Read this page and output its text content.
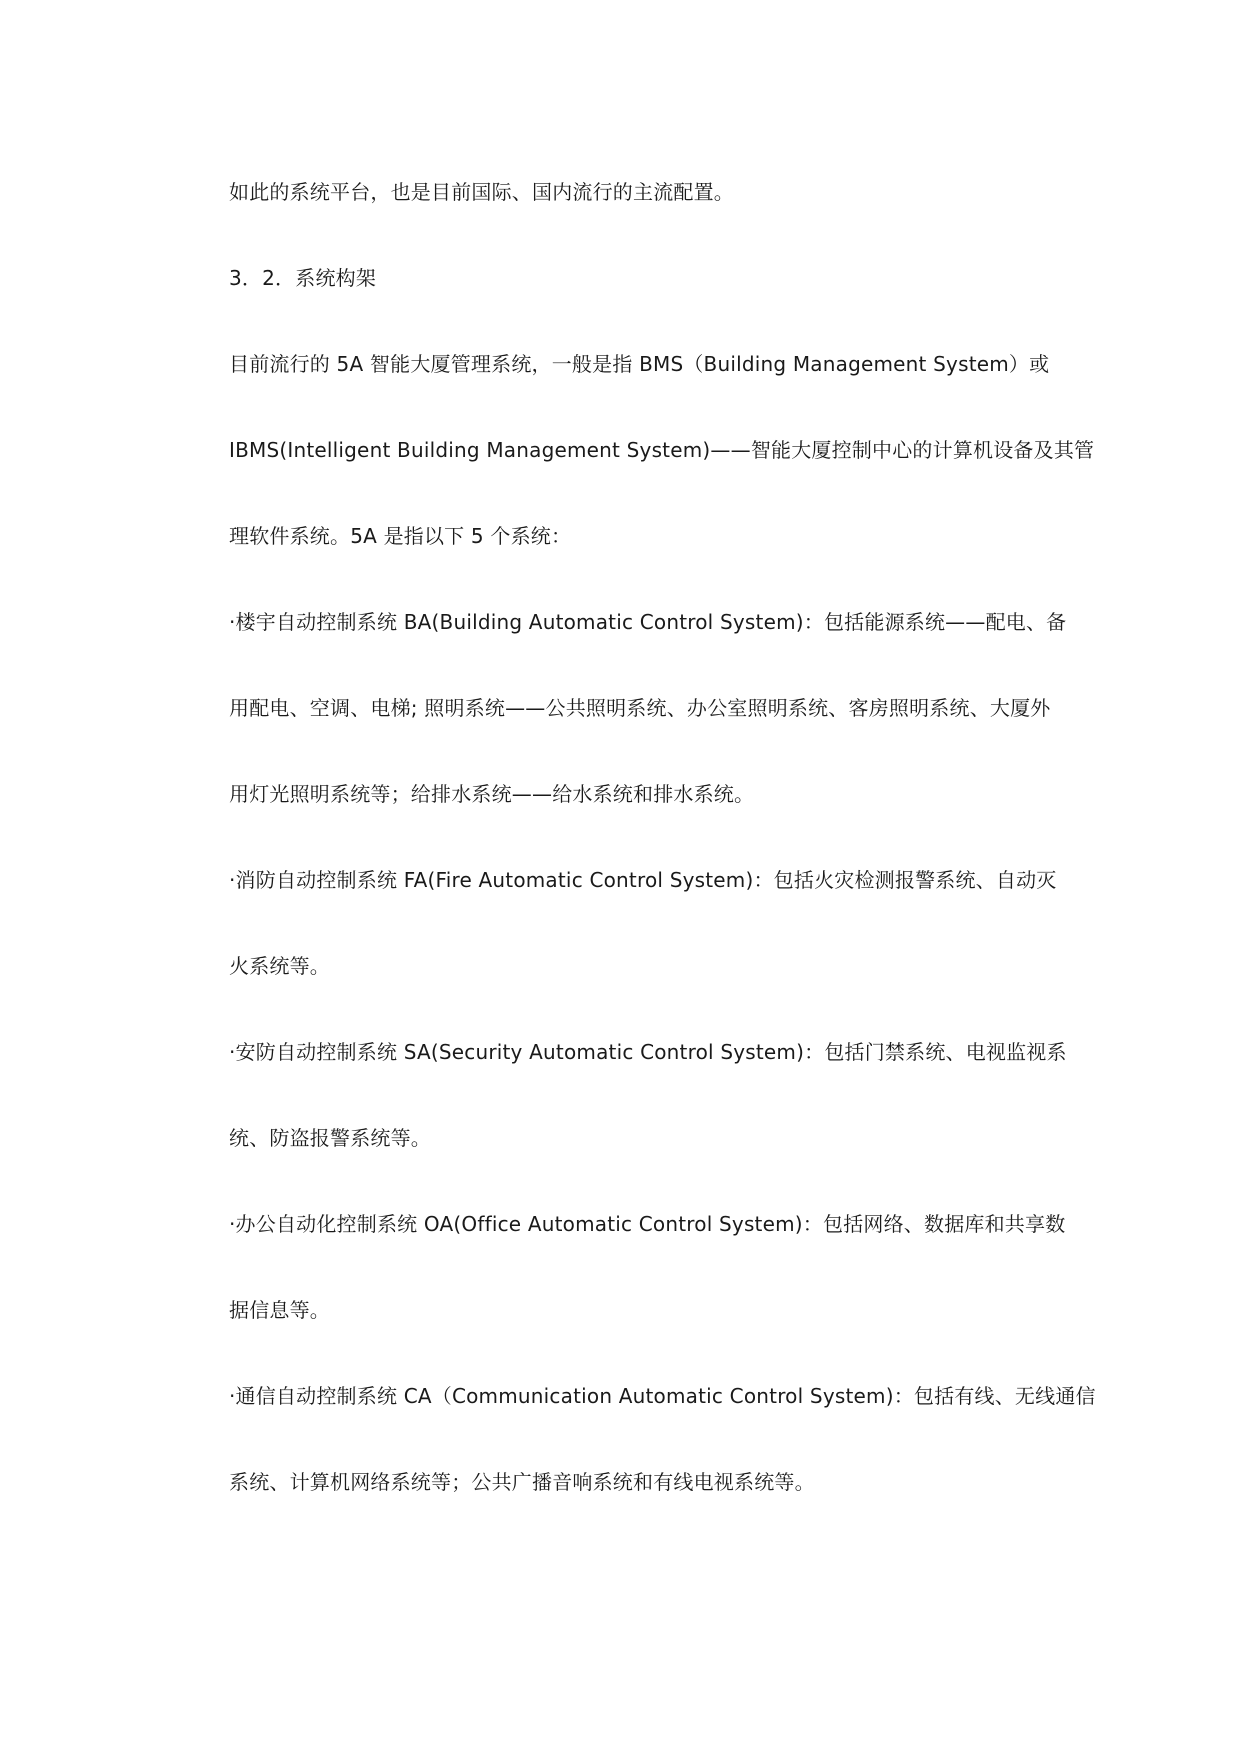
如此的系统平台，也是目前国际、国内流行的主流配置。
3．2．系统构架
目前流行的 5A 智能大厦管理系统，一般是指 BMS（Building Management System）或
IBMS(Intelligent Building Management System)——智能大厦控制中心的计算机设备及其管
理软件系统。5A 是指以下 5 个系统：
·楼宇自动控制系统 BA(Building Automatic Control System)：包括能源系统——配电、备
用配电、空调、电梯; 照明系统——公共照明系统、办公室照明系统、客房照明系统、大厦外
用灯光照明系统等；给排水系统——给水系统和排水系统。
·消防自动控制系统 FA(Fire Automatic Control System)：包括火灾检测报警系统、自动灭
火系统等。
·安防自动控制系统 SA(Security Automatic Control System)：包括门禁系统、电视监视系
统、防盗报警系统等。
·办公自动化控制系统 OA(Office Automatic Control System)：包括网络、数据库和共享数
据信息等。
·通信自动控制系统 CA（Communication Automatic Control System)：包括有线、无线通信
系统、计算机网络系统等；公共广播音响系统和有线电视系统等。
